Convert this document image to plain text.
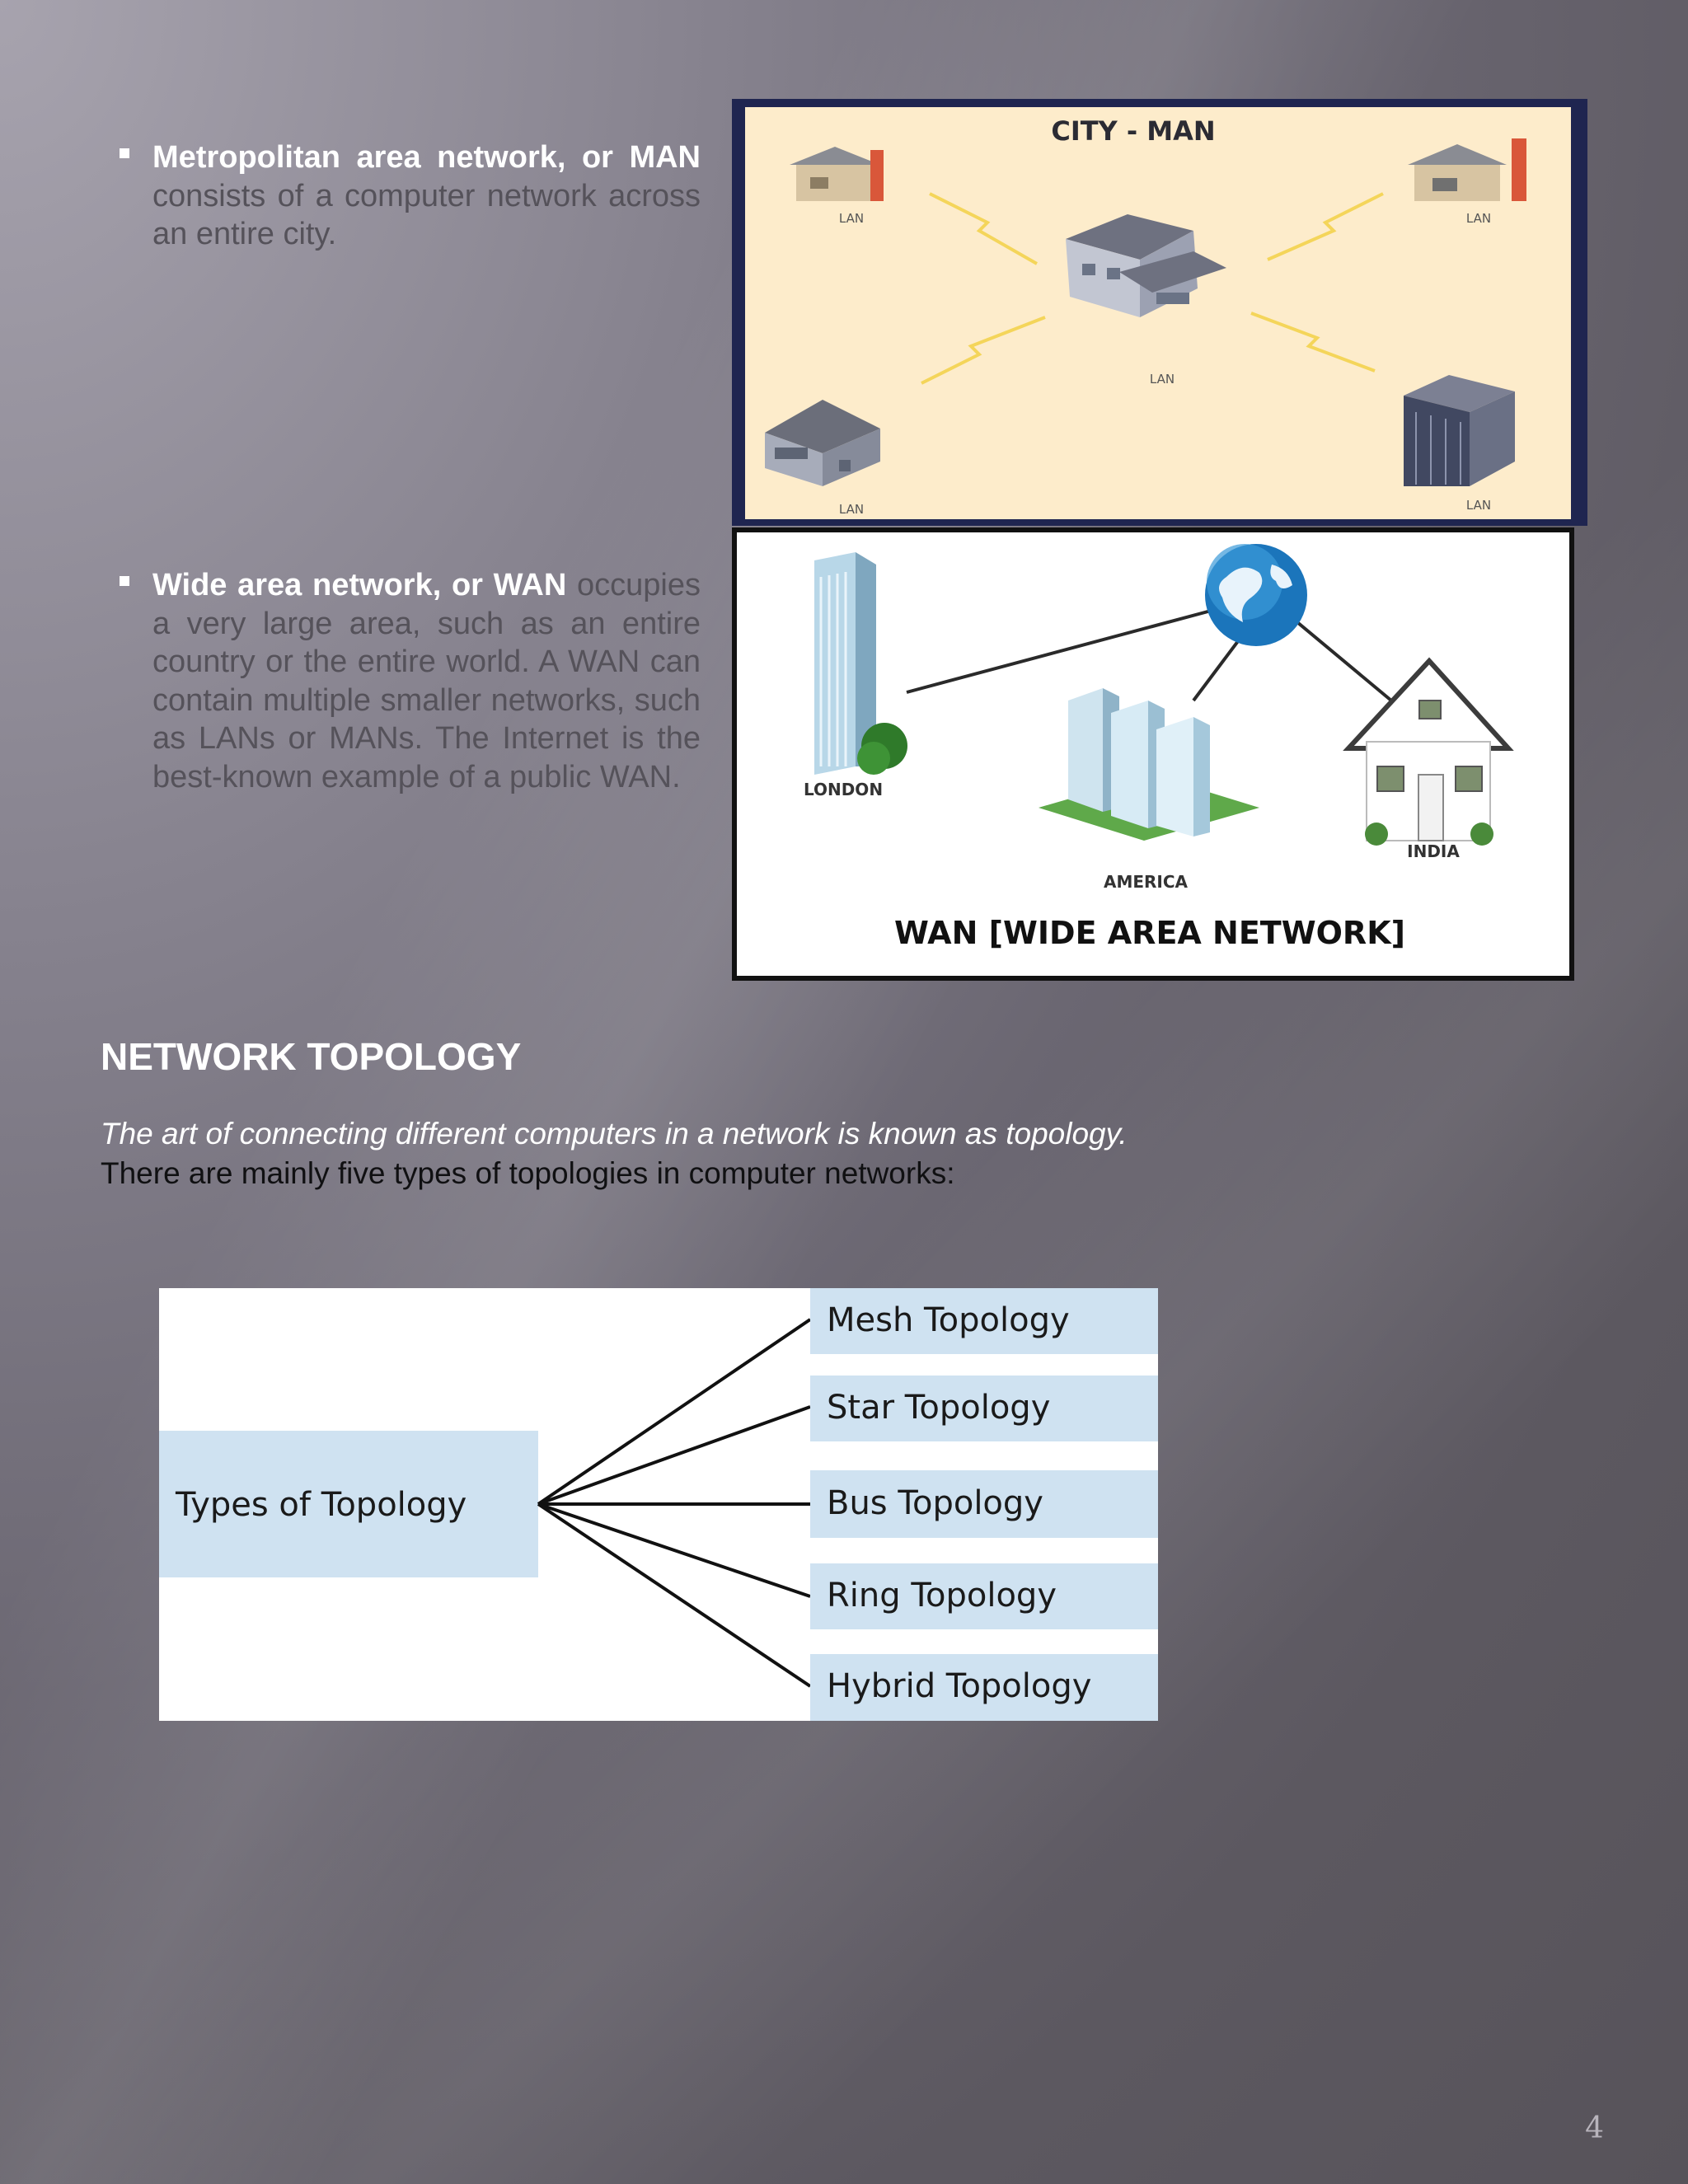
Metropolitan area network, or MAN consists of a computer network across an entire city.
Wide area network, or WAN occupies a very large area, such as an entire country or the entire world. A WAN can contain multiple smaller networks, such as LANs or MANs. The Internet is the best-known example of a public WAN.
CITY - MAN
LAN	LAN
LAN
LAN	LAN
LONDON
AMERICA
INDIA
WAN [WIDE AREA NETWORK]
NETWORK TOPOLOGY
The art of connecting different computers in a network is known as topology.
There are mainly five types of topologies in computer networks:
Types of Topology
Mesh Topology
Star Topology
Bus Topology
Ring Topology
Hybrid Topology
4
